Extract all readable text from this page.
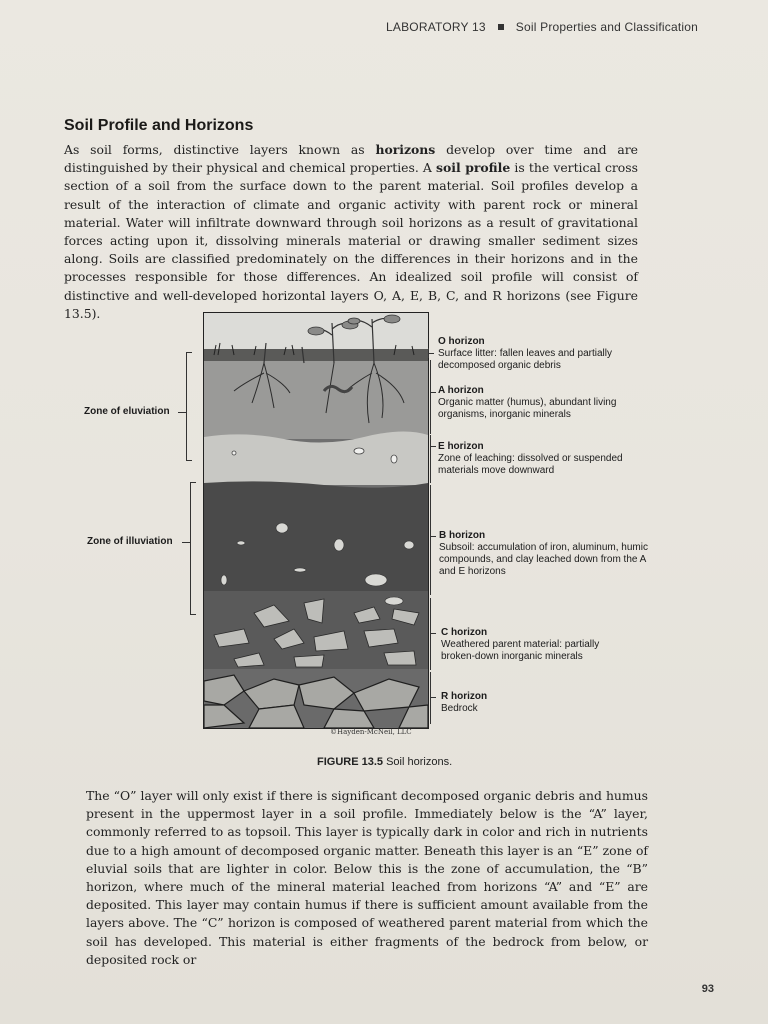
LABORATORY 13	Soil Properties and Classification
Soil Profile and Horizons
As soil forms, distinctive layers known as horizons develop over time and are distinguished by their physical and chemical properties. A soil profile is the vertical cross section of a soil from the surface down to the parent material. Soil profiles develop a result of the interaction of climate and organic activity with parent rock or mineral material. Water will infiltrate downward through soil horizons as a result of gravitational forces acting upon it, dissolving minerals material or drawing smaller sediment sizes along. Soils are classified predominately on the differences in their horizons and in the processes responsible for those differences. An idealized soil profile will consist of distinctive and well-developed horizontal layers O, A, E, B, C, and R horizons (see Figure 13.5).
©Hayden-McNeil, LLC
Zone of eluviation
Zone of illuviation
O horizon
Surface litter: fallen leaves and partially decomposed organic debris
A horizon
Organic matter (humus), abundant living organisms, inorganic minerals
E horizon
Zone of leaching: dissolved or suspended materials move downward
B horizon
Subsoil: accumulation of iron, aluminum, humic compounds, and clay leached down from the A and E horizons
C horizon
Weathered parent material: partially broken-down inorganic minerals
R horizon
Bedrock
FIGURE 13.5 Soil horizons.
The “O” layer will only exist if there is significant decomposed organic debris and humus present in the uppermost layer in a soil profile. Immediately below is the “A” layer, commonly referred to as topsoil. This layer is typically dark in color and rich in nutrients due to a high amount of decomposed organic matter. Beneath this layer is an “E” zone of eluvial soils that are lighter in color. Below this is the zone of accumulation, the “B” horizon, where much of the mineral material leached from horizons “A” and “E” are deposited. This layer may contain humus if there is sufficient amount available from the layers above. The “C” horizon is composed of weathered parent material from which the soil has developed. This material is either fragments of the bedrock from below, or deposited rock or
93
